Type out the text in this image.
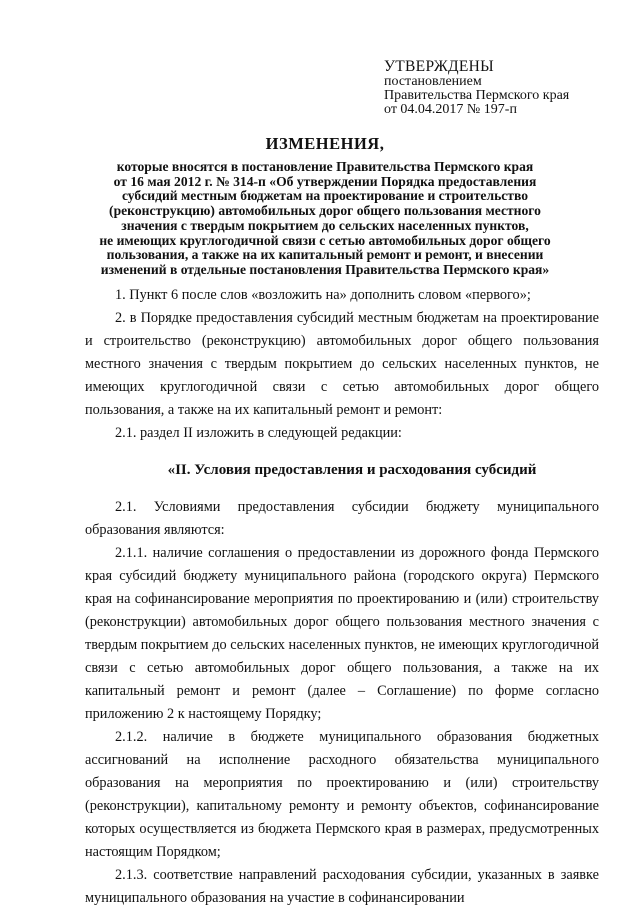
УТВЕРЖДЕНЫ
постановлением
Правительства Пермского края
от 04.04.2017 № 197-п
ИЗМЕНЕНИЯ,
которые вносятся в постановление Правительства Пермского края
от 16 мая 2012 г. № 314-п «Об утверждении Порядка предоставления
субсидий местным бюджетам на проектирование и строительство
(реконструкцию) автомобильных дорог общего пользования местного
значения с твердым покрытием до сельских населенных пунктов,
не имеющих круглогодичной связи с сетью автомобильных дорог общего
пользования, а также на их капитальный ремонт и ремонт, и внесении
изменений в отдельные постановления Правительства Пермского края»

1. Пункт 6 после слов «возложить на» дополнить словом «первого»;

2. в Порядке предоставления субсидий местным бюджетам на проектирование и строительство (реконструкцию) автомобильных дорог общего пользования местного значения с твердым покрытием до сельских населенных пунктов, не имеющих круглогодичной связи с сетью автомобильных дорог общего пользования, а также на их капитальный ремонт и ремонт:

2.1. раздел II изложить в следующей редакции:

«II. Условия предоставления и расходования субсидий

2.1. Условиями предоставления субсидии бюджету муниципального образования являются:

2.1.1. наличие соглашения о предоставлении из дорожного фонда Пермского края субсидий бюджету муниципального района (городского округа) Пермского края на софинансирование мероприятия по проектированию и (или) строительству (реконструкции) автомобильных дорог общего пользования местного значения с твердым покрытием до сельских населенных пунктов, не имеющих круглогодичной связи с сетью автомобильных дорог общего пользования, а также на их капитальный ремонт и ремонт (далее – Соглашение) по форме согласно приложению 2 к настоящему Порядку;

2.1.2. наличие в бюджете муниципального образования бюджетных ассигнований на исполнение расходного обязательства муниципального образования на мероприятия по проектированию и (или) строительству (реконструкции), капитальному ремонту и ремонту объектов, софинансирование которых осуществляется из бюджета Пермского края в размерах, предусмотренных настоящим Порядком;

2.1.3. соответствие направлений расходования субсидии, указанных в заявке муниципального образования на участие в софинансировании
